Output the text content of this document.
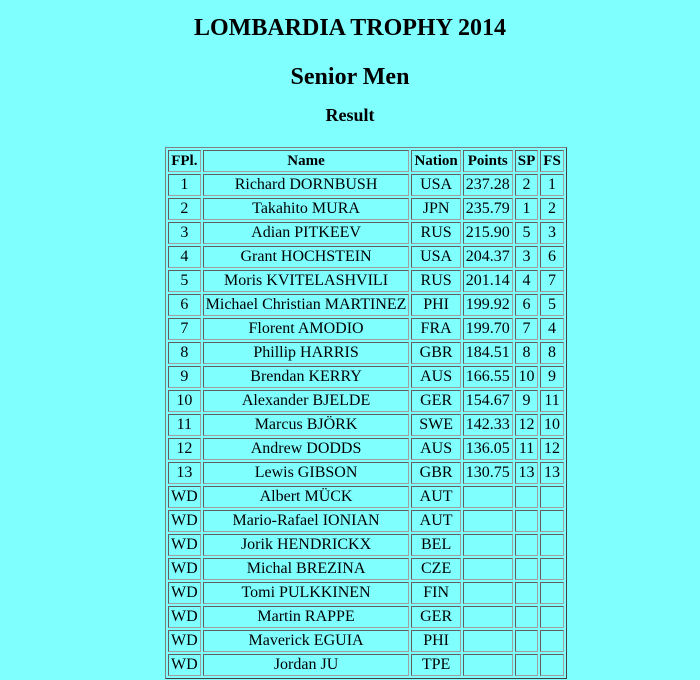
LOMBARDIA TROPHY 2014
Senior Men
Result
FPl.	Name	Nation	Points	SP	FS
1	Richard DORNBUSH	USA	237.28	2	1
2	Takahito MURA	JPN	235.79	1	2
3	Adian PITKEEV	RUS	215.90	5	3
4	Grant HOCHSTEIN	USA	204.37	3	6
5	Moris KVITELASHVILI	RUS	201.14	4	7
6	Michael Christian MARTINEZ	PHI	199.92	6	5
7	Florent AMODIO	FRA	199.70	7	4
8	Phillip HARRIS	GBR	184.51	8	8
9	Brendan KERRY	AUS	166.55	10	9
10	Alexander BJELDE	GER	154.67	9	11
11	Marcus BJÖRK	SWE	142.33	12	10
12	Andrew DODDS	AUS	136.05	11	12
13	Lewis GIBSON	GBR	130.75	13	13
WD	Albert MÜCK	AUT			
WD	Mario-Rafael IONIAN	AUT			
WD	Jorik HENDRICKX	BEL			
WD	Michal BREZINA	CZE			
WD	Tomi PULKKINEN	FIN			
WD	Martin RAPPE	GER			
WD	Maverick EGUIA	PHI			
WD	Jordan JU	TPE			
